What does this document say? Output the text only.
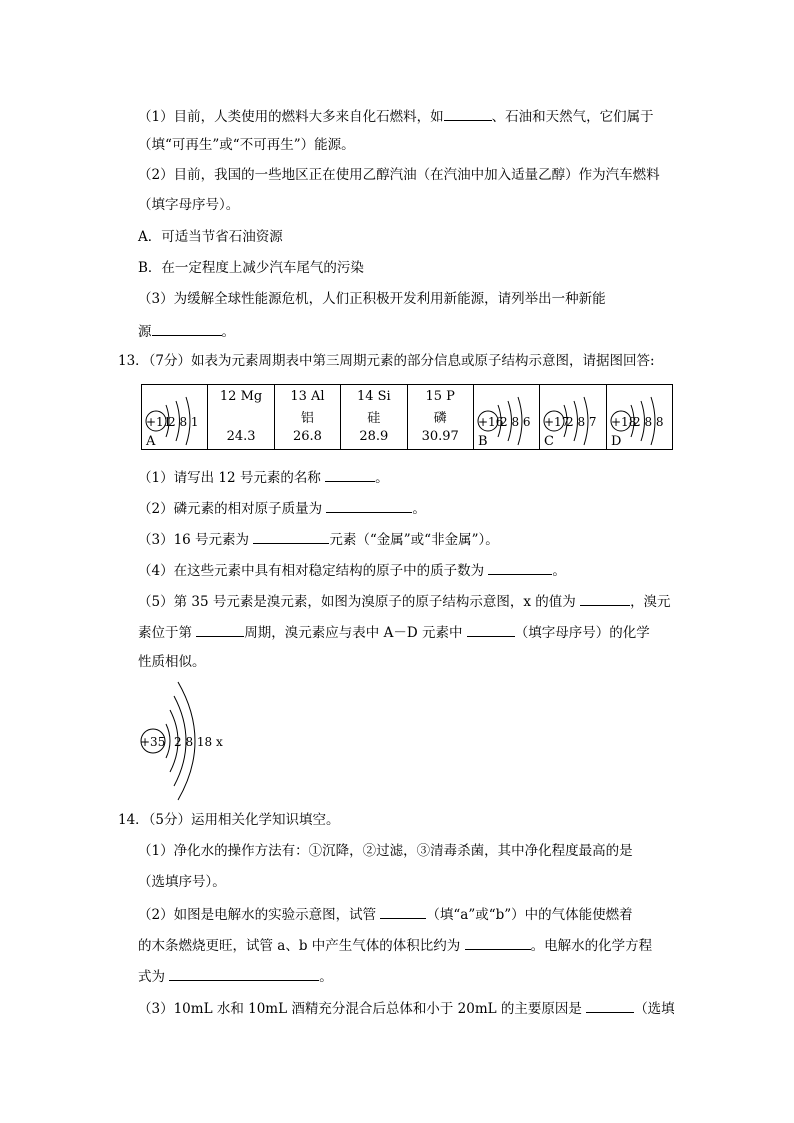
（1）目前，人类使用的燃料大多来自化石燃料，如	、石油和天然气，它们属于
（填“可再生”或“不可再生”）能源。
（2）目前，我国的一些地区正在使用乙醇汽油（在汽油中加入适量乙醇）作为汽车燃料
（填字母序号）。
A．可适当节省石油资源
B．在一定程度上减少汽车尾气的污染
（3）为缓解全球性能源危机，人们正积极开发利用新能源，请列举出一种新能
源	。
13．（7分）如表为元素周期表中第三周期元素的部分信息或原子结构示意图，请据图回答:
+11
2 8 1
A

12 Mg
24.3

13 Al
铝
26.8

14 Si
硅
28.9

15 P
磷
30.97

+16
2 8 6
B

+17
2 8 7
C

+18
2 8 8
D
（1）请写出 12 号元素的名称	。
（2）磷元素的相对原子质量为	。
（3）16 号元素为	元素（“金属”或“非金属”）。
（4）在这些元素中具有相对稳定结构的原子中的质子数为	。
（5）第 35 号元素是溴元素，如图为溴原子的原子结构示意图，x 的值为	，溴元
素位于第	周期，溴元素应与表中 A－D 元素中	（填字母序号）的化学
性质相似。
+35 2 8 18 x
14．（5分）运用相关化学知识填空。
（1）净化水的操作方法有：①沉降，②过滤，③清毒杀菌，其中净化程度最高的是
（选填序号）。
（2）如图是电解水的实验示意图，试管	（填“a”或“b”）中的气体能使燃着
的木条燃烧更旺，试管 a、b 中产生气体的体积比约为	。电解水的化学方程
式为	。
（3）10mL 水和 10mL 酒精充分混合后总体和小于 20mL 的主要原因是	（选填
